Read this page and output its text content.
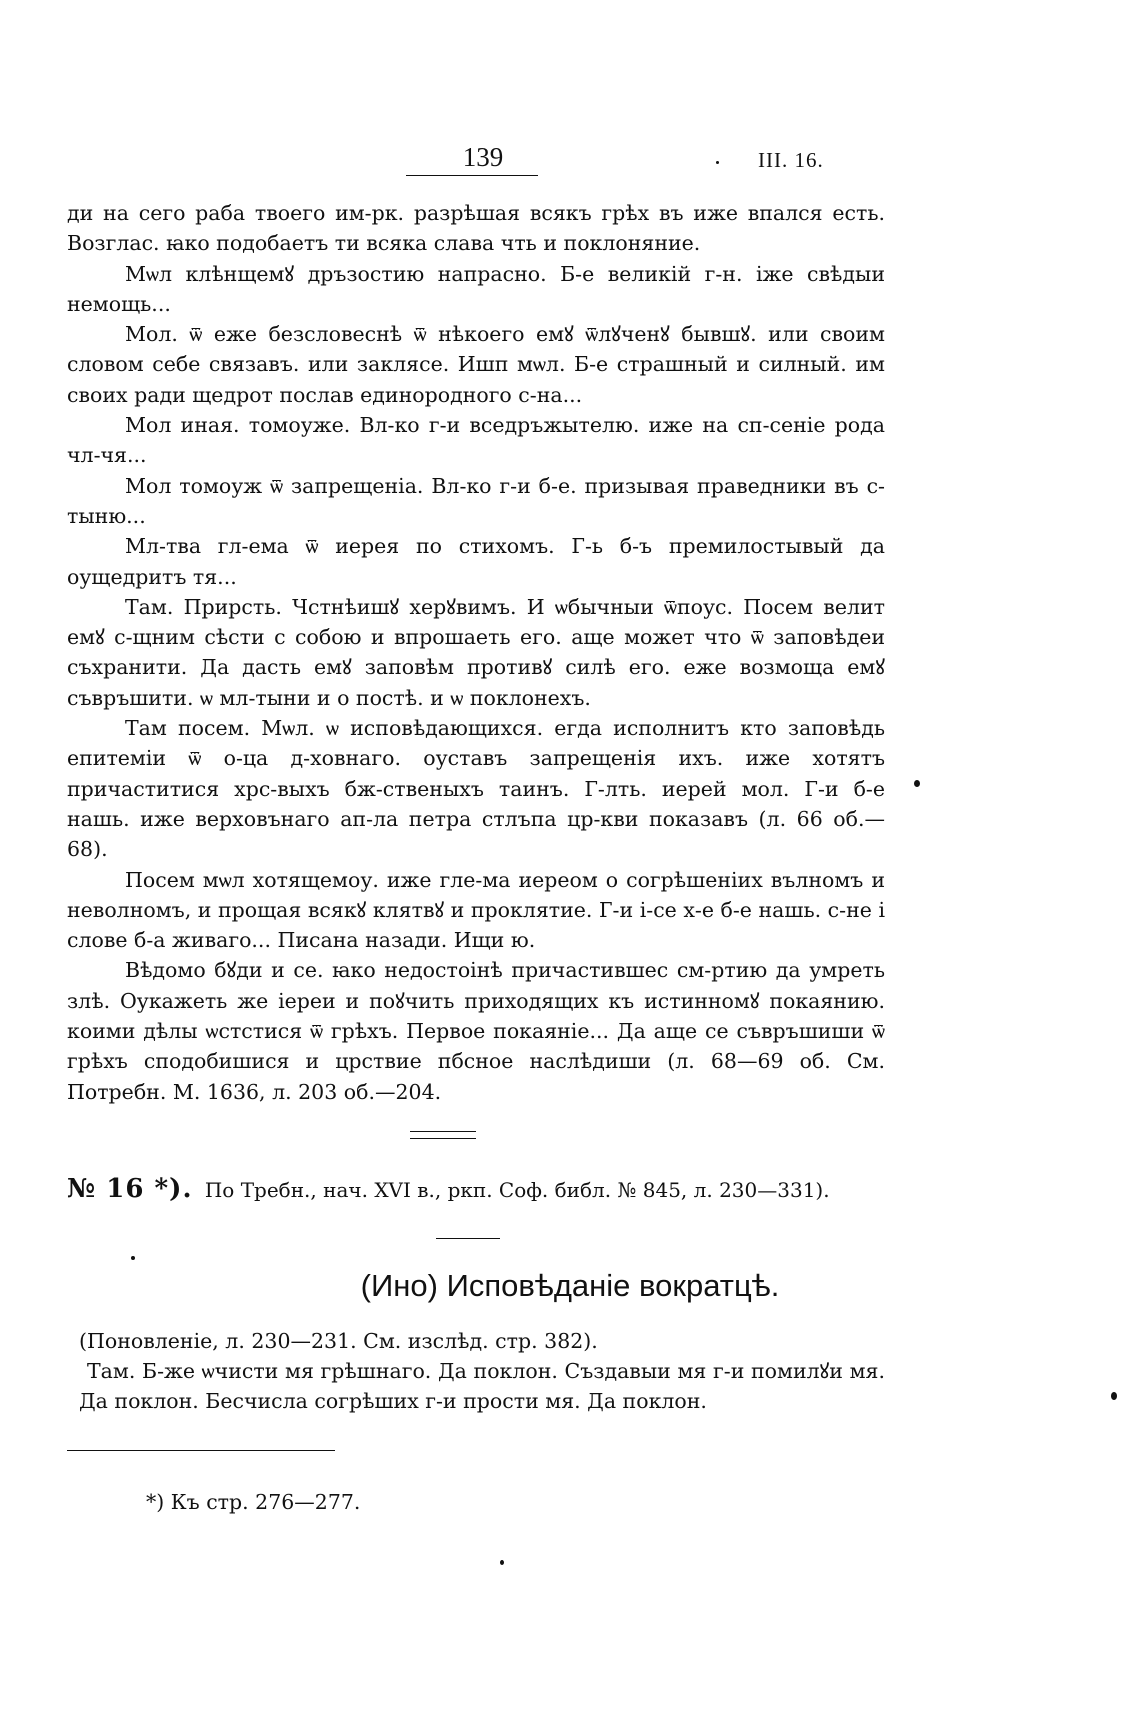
139	III. 16.

ди на сего раба твоего им-рк. разрѣшая всякъ грѣх въ иже впался есть. Возглас. ꙗко подобаетъ ти всяка слава чть и поклоняние.

Мѡл клѣнщемꙋ дръзостию напрасно. Б-е великій г-н. іже свѣдыи немощь...

Мол. ѿ еже безсловеснѣ ѿ нѣкоего емꙋ ѿлꙋченꙋ бывшꙋ. или своим словом себе связавъ. или заклясе. Ишп мѡл. Б-е страшный и силный. им своих ради щедрот послав единородного с-на...

Мол иная. томоуже. Вл-ко г-и вседръжытелю. иже на сп-сеніе рода чл-чя...

Мол томоуж ѿ запрещеніа. Вл-ко г-и б-е. призывая праведники въ с-тыню...

Мл-тва гл-ема ѿ иерея по стихомъ. Г-ь б-ъ премилостывый да оущедритъ тя...

Там. Прирсть. Чстнѣишꙋ херꙋвимъ. И ѡбычныи ѿпоус. Посем велит емꙋ с-щним сѣсти с собою и впрошаеть его. аще может что ѿ заповѣдеи съхранити. Да дасть емꙋ заповѣм противꙋ силѣ его. еже возмоща емꙋ съвръшити. ѡ мл-тыни и о постѣ. и ѡ поклонехъ.

Там посем. Мѡл. ѡ исповѣдающихся. егда исполнитъ кто заповѣдь епитеміи ѿ о-ца д-ховнаго. оуставъ запрещенія ихъ. иже хотятъ причаститися хрс-выхъ бж-ственыхъ таинъ. Г-лть. иерей мол. Г-и б-е нашь. иже верховънаго ап-ла петра стлъпа цр-кви показавъ (л. 66 об.—68).

Посем мѡл хотящемоу. иже гле-ма иереом о согрѣшеніих вълномъ и неволномъ, и прощая всякꙋ клятвꙋ и проклятие. Г-и і-се х-е б-е нашь. с-не і слове б-а живаго... Писана назади. Ищи ю.

Вѣдомо бꙋди и се. ꙗко недостоінѣ причастившес см-ртию да умреть злѣ. Оукажеть же іереи и поꙋчить приходящих къ истинномꙋ покаянию. коими дѣлы ѡстстися ѿ грѣхъ. Первое покаяніе... Да аще се съвръшиши ѿ грѣхъ сподобишися и црствие пбсное наслѣдиши (л. 68—69 об. См. Потребн. М. 1636, л. 203 об.—204.

№ 16 *). По Требн., нач. XVI в., ркп. Соф. библ. № 845, л. 230—331).
(Ино) Исповѣданіе вократцѣ.

(Поновленіе, л. 230—231. См. изслѣд. стр. 382).

Там. Б-же ѡчисти мя грѣшнаго. Да поклон. Създавыи мя г-и помилꙋи мя. Да поклон. Бесчисла согрѣших г-и прости мя. Да поклон.

*) Къ стр. 276—277.
